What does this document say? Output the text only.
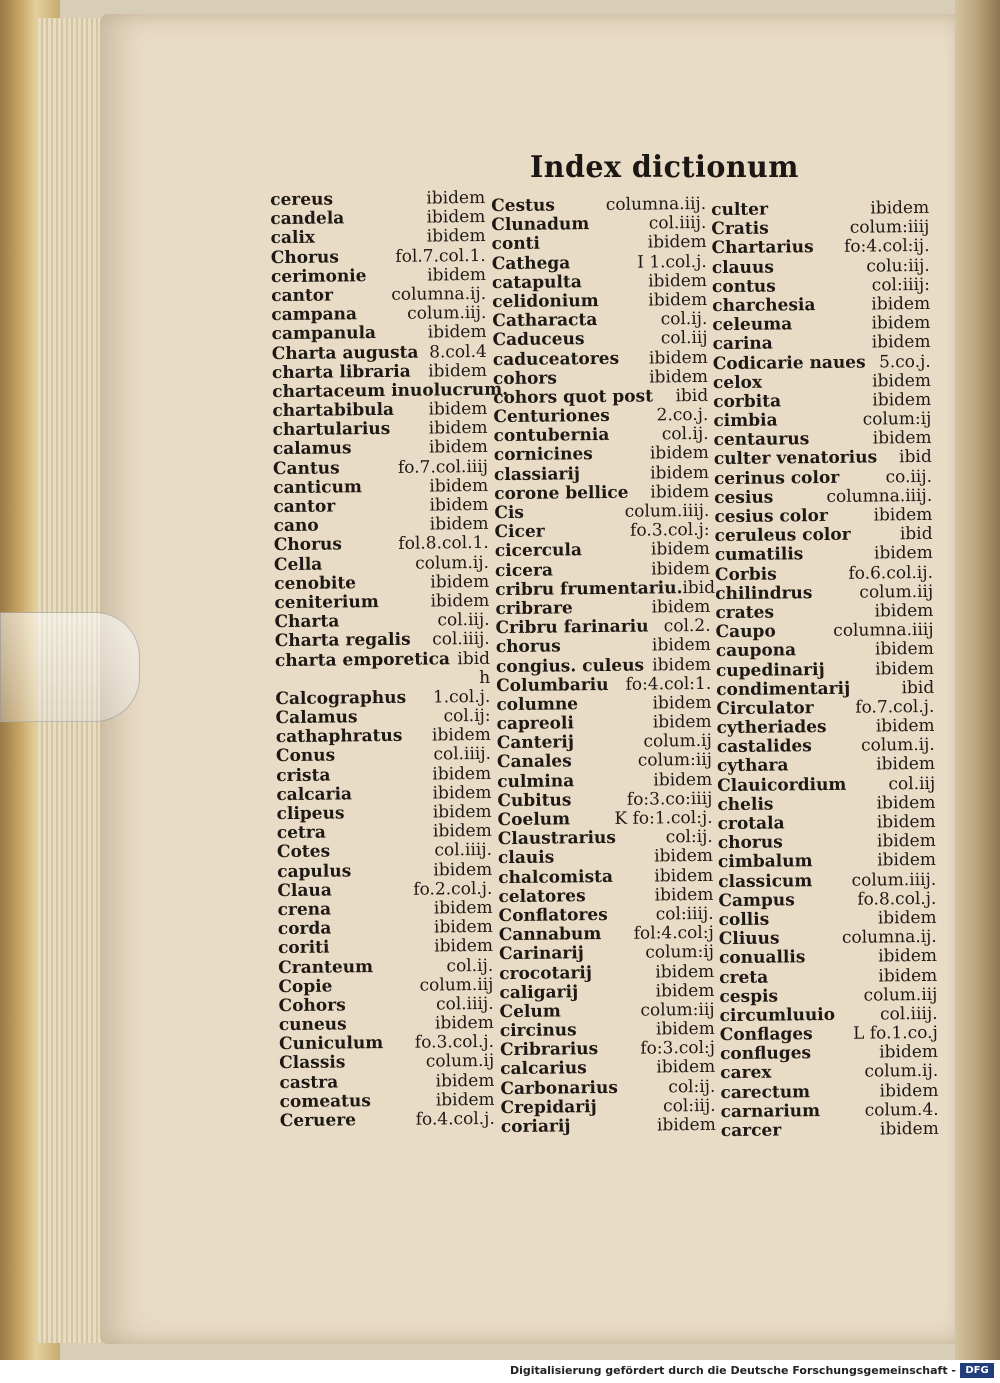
Index dictionum
cereus	ibidem
candela	ibidem
calix	ibidem
Chorus	fol.7.col.1.
cerimonie	ibidem
cantor	columna.ij.
campana	colum.iij.
campanula	ibidem
Charta augusta 8.col.4
charta libraria ibidem
chartaceum inuolucrum.
chartabibula ibidem
chartularius ibidem
calamus	ibidem
Cantus	fo.7.col.iiij
canticum	ibidem
cantor	ibidem
cano	ibidem
Chorus	fol.8.col.1.
Cella	colum.ij.
cenobite	ibidem
ceniterium	ibidem
Charta	col.iij.
Charta regalis col.iiij.
charta emporetica ibid
h
Calcographus 1.col.j.
Calamus	col.ij:
cathaphratus ibidem
Conus	col.iiij.
crista	ibidem
calcaria	ibidem
clipeus	ibidem
cetra	ibidem
Cotes	col.iiij.
capulus	ibidem
Claua	fo.2.col.j.
crena	ibidem
corda	ibidem
coriti	ibidem
Cranteum	col.ij.
Copie	colum.iij
Cohors	col.iiij.
cuneus	ibidem
Cuniculum fo.3.col.j.
Classis	colum.ij
castra	ibidem
comeatus	ibidem
Ceruere	fo.4.col.j.
Cestus	columna.iij.
Clunadum	col.iiij.
conti	ibidem
Cathega	I 1.col.j.
catapulta	ibidem
celidonium	ibidem
Catharacta	col.ij.
Caduceus	col.iij
caduceatores ibidem
cohors	ibidem
cohors quot post ibid
Centuriones	2.co.j.
contubernia	col.ij.
cornicines	ibidem
classiarij	ibidem
corone bellice ibidem
Cis	colum.iiij.
Cicer	fo.3.col.j:
cicercula	ibidem
cicera	ibidem
cribru frumentariu. ibid
cribrare	ibidem
Cribru farinariu col.2.
chorus	ibidem
congius. culeus ibidem
Columbariu fo:4.col:1.
columne	ibidem
capreoli	ibidem
Canterij	colum.ij
Canales	colum:iij
culmina	ibidem
Cubitus	fo:3.co:iiij
Coelum	K fo:1.col:j.
Claustrarius	col:ij.
clauis	ibidem
chalcomista ibidem
celatores	ibidem
Conflatores	col:iiij.
Cannabum fol:4.col:j
Carinarij	colum:ij
crocotarij	ibidem
caligarij	ibidem
Celum	colum:iij
circinus	ibidem
Cribrarius fo:3.col:j
calcarius	ibidem
Carbonarius	col:ij.
Crepidarij	col:iij.
coriarij	ibidem
culter	ibidem
Cratis	colum:iiij
Chartarius fo:4.col:ij.
clauus	colu:iij.
contus	col:iiij:
charchesia	ibidem
celeuma	ibidem
carina	ibidem
Codicarie naues 5.co.j.
celox	ibidem
corbita	ibidem
cimbia	colum:ij
centaurus	ibidem
culter venatorius ibid
cerinus color	co.iij.
cesius	columna.iiij.
cesius color	ibidem
ceruleus color	ibid
cumatilis	ibidem
Corbis	fo.6.col.ij.
chilindrus	colum.iij
crates	ibidem
Caupo	columna.iiij
caupona	ibidem
cupedinarij	ibidem
condimentarij	ibid
Circulator fo.7.col.j.
cytheriades	ibidem
castalides	colum.ij.
cythara	ibidem
Clauicordium col.iij
chelis	ibidem
crotala	ibidem
chorus	ibidem
cimbalum	ibidem
classicum colum.iiij.
Campus	fo.8.col.j.
collis	ibidem
Cliuus	columna.ij.
conuallis	ibidem
creta	ibidem
cespis	colum.iij
circumluuio	col.iiij.
Conflages L fo.1.co.j
confluges	ibidem
carex	colum.ij.
carectum	ibidem
carnarium	colum.4.
carcer	ibidem
Digitalisierung gefördert durch die Deutsche Forschungsgemeinschaft - DFG
